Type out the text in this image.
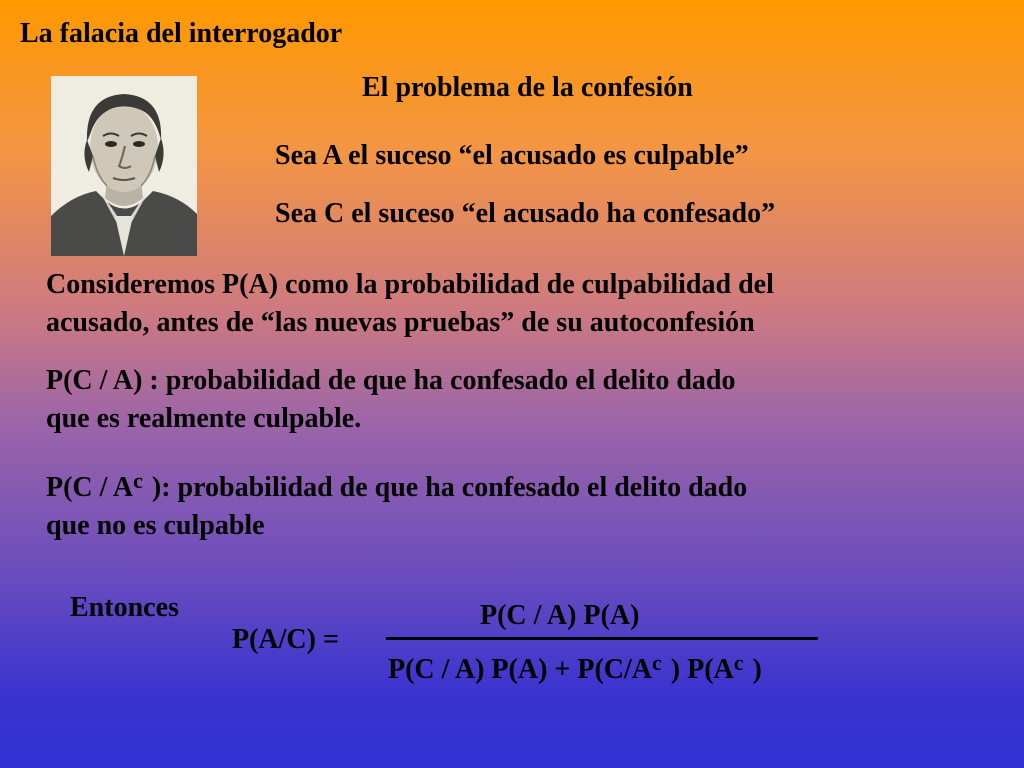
La falacia del interrogador
El problema de la confesión
Sea A el suceso “el acusado es culpable”
Sea C el suceso “el acusado ha confesado”
Consideremos P(A) como la probabilidad de culpabilidad del
acusado, antes de “las nuevas pruebas” de su autoconfesión
P(C / A) : probabilidad de que ha confesado el delito dado
que es realmente culpable.
$P(C / A^c$ ): probabilidad de que ha confesado el delito dado
que no es culpable
Entonces
P(A/C) =
P(C / A) P(A)
P(C / A) $P(A) + P(C/A^c$ ) $P(A^c$ )
